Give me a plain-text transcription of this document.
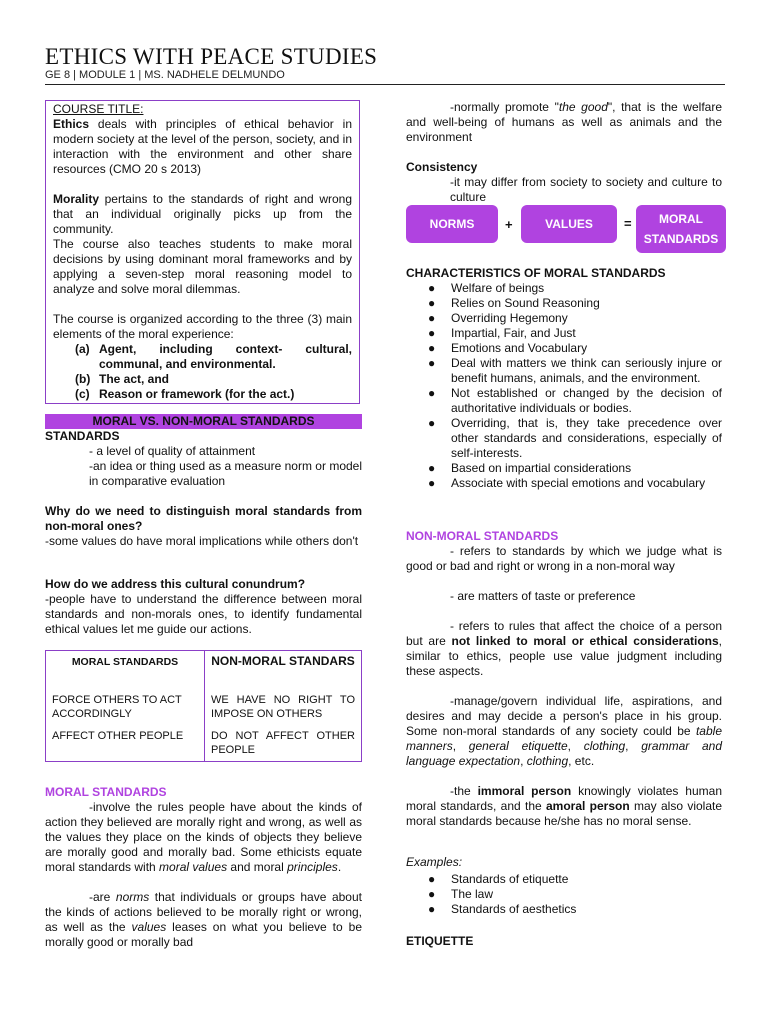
ETHICS WITH PEACE STUDIES
GE 8 | MODULE 1 | MS. NADHELE DELMUNDO

COURSE TITLE:

Ethics deals with principles of ethical behavior in modern society at the level of the person, society, and in interaction with the environment and other share resources (CMO 20 s 2013)

Morality pertains to the standards of right and wrong that an individual originally picks up from the community.

The course also teaches students to make moral decisions by using dominant moral frameworks and by applying a seven-step moral reasoning model to analyze and solve moral dilemmas.

The course is organized according to the three (3) main elements of the moral experience:

(a) Agent, including context- cultural, communal, and environmental.
(b) The act, and
(c) Reason or framework (for the act.)
MORAL VS. NON-MORAL STANDARDS

STANDARDS

- a level of quality of attainment

-an idea or thing used as a measure norm or model in comparative evaluation

Why do we need to distinguish moral standards from non-moral ones?

-some values do have moral implications while others don't

How do we address this cultural conundrum?

-people have to understand the difference between moral standards and non-morals ones, to identify fundamental ethical values let me guide our actions.

MORAL STANDARDS	NON-MORAL STANDARS
FORCE OTHERS TO ACT ACCORDINGLY	WE HAVE NO RIGHT TO IMPOSE ON OTHERS
AFFECT OTHER PEOPLE	DO NOT AFFECT OTHER PEOPLE

MORAL STANDARDS

-involve the rules people have about the kinds of action they believed are morally right and wrong, as well as the values they place on the kinds of objects they believe are morally good and morally bad. Some ethicists equate moral standards with moral values and moral principles.

-are norms that individuals or groups have about the kinds of actions believed to be morally right or wrong, as well as the values leases on what you believe to be morally good or morally bad

-normally promote "the good", that is the welfare and well-being of humans as well as animals and the environment

Consistency

-it may differ from society to society and culture to culture

NORMS	+	VALUES	=	MORAL
STANDARDS

CHARACTERISTICS OF MORAL STANDARDS

● Welfare of beings
● Relies on Sound Reasoning
● Overriding Hegemony
● Impartial, Fair, and Just
● Emotions and Vocabulary
● Deal with matters we think can seriously injure or benefit humans, animals, and the environment.
● Not established or changed by the decision of authoritative individuals or bodies.
● Overriding, that is, they take precedence over other standards and considerations, especially of self-interests.
● Based on impartial considerations
● Associate with special emotions and vocabulary

NON-MORAL STANDARDS

- refers to standards by which we judge what is good or bad and right or wrong in a non-moral way

- are matters of taste or preference

- refers to rules that affect the choice of a person but are not linked to moral or ethical considerations, similar to ethics, people use value judgment including these aspects.

-manage/govern individual life, aspirations, and desires and may decide a person's place in his group. Some non-moral standards of any society could be table manners, general etiquette, clothing, grammar and language expectation, clothing, etc.

-the immoral person knowingly violates human moral standards, and the amoral person may also violate moral standards because he/she has no moral sense.

Examples:

● Standards of etiquette
● The law
● Standards of aesthetics

ETIQUETTE
